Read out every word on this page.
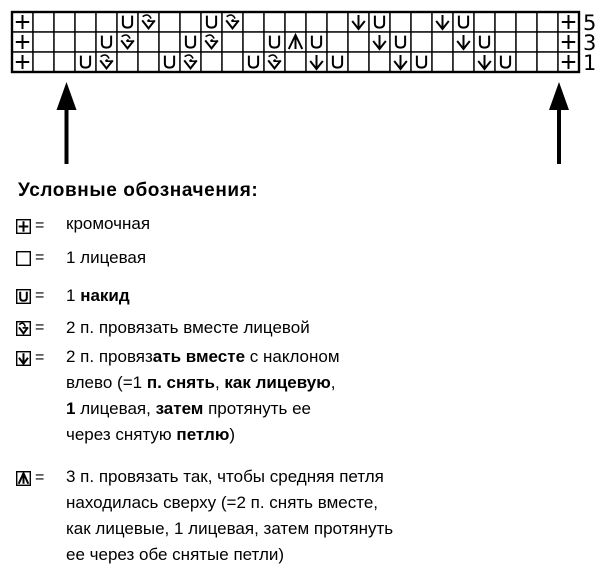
5
3
1
Условные обозначения:
= кромочная
= 1 лицевая
= 1 накид
= 2 п. провязать вместе лицевой
= 2 п. провязать вместе с наклоном
влево (=1 п. снять, как лицевую,
1 лицевая, затем протянуть ее
через снятую петлю)
= 3 п. провязать так, чтобы средняя петля
находилась сверху (=2 п. снять вместе,
как лицевые, 1 лицевая, затем протянуть
ее через обе снятые петли)
